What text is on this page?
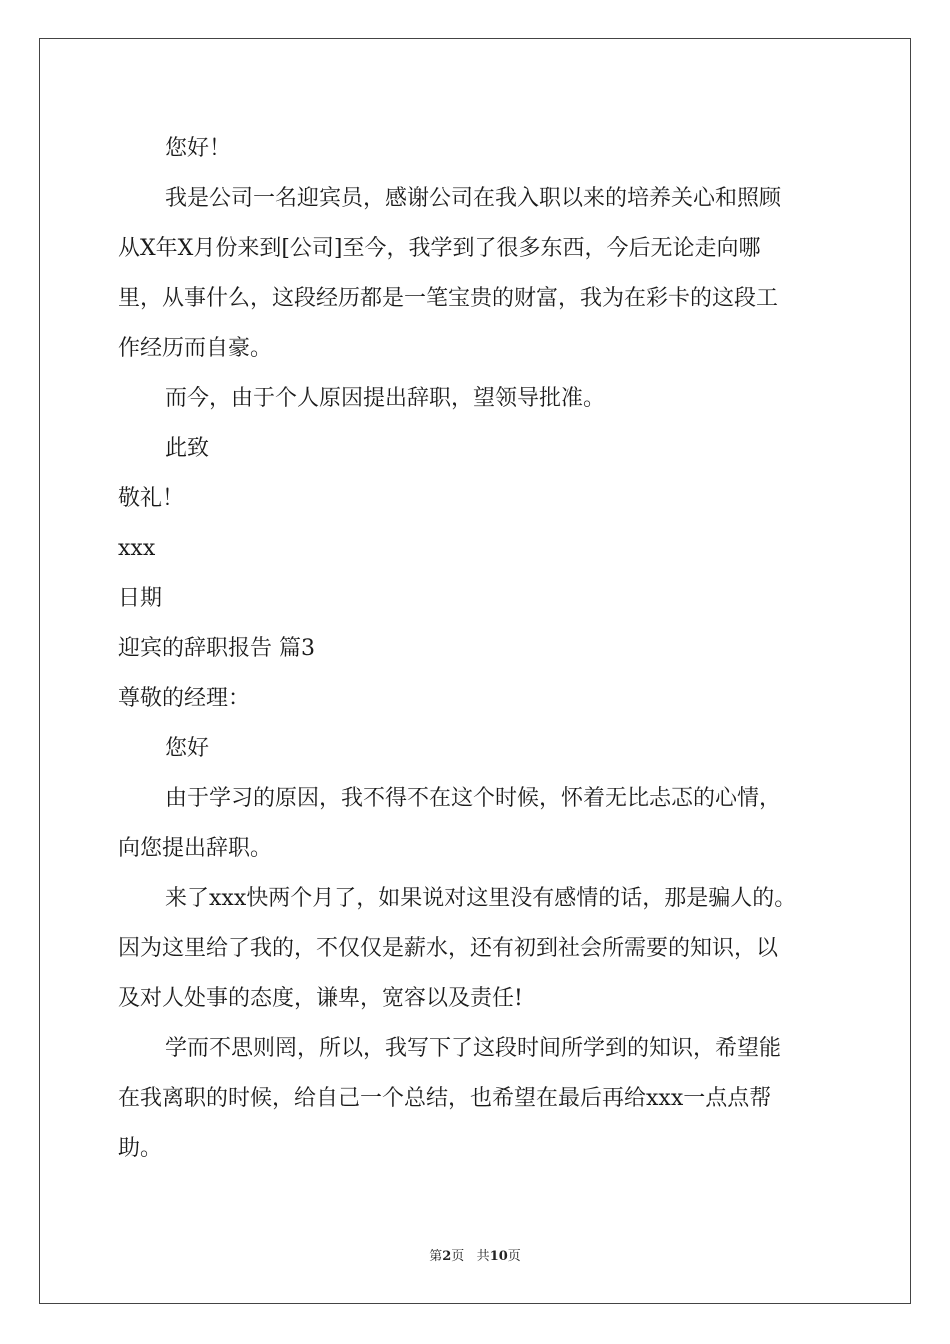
您好！
我是公司一名迎宾员，感谢公司在我入职以来的培养关心和照顾
从X年X月份来到[公司]至今，我学到了很多东西，今后无论走向哪
里，从事什么，这段经历都是一笔宝贵的财富，我为在彩卡的这段工
作经历而自豪。
而今，由于个人原因提出辞职，望领导批准。
此致
敬礼！
xxx
日期
迎宾的辞职报告 篇3
尊敬的经理：
您好
由于学习的原因，我不得不在这个时候，怀着无比忐忑的心情，
向您提出辞职。
来了xxx快两个月了，如果说对这里没有感情的话，那是骗人的。
因为这里给了我的，不仅仅是薪水，还有初到社会所需要的知识，以
及对人处事的态度，谦卑，宽容以及责任!
学而不思则罔，所以，我写下了这段时间所学到的知识，希望能
在我离职的时候，给自己一个总结，也希望在最后再给xxx一点点帮
助。
第2页 共10页
